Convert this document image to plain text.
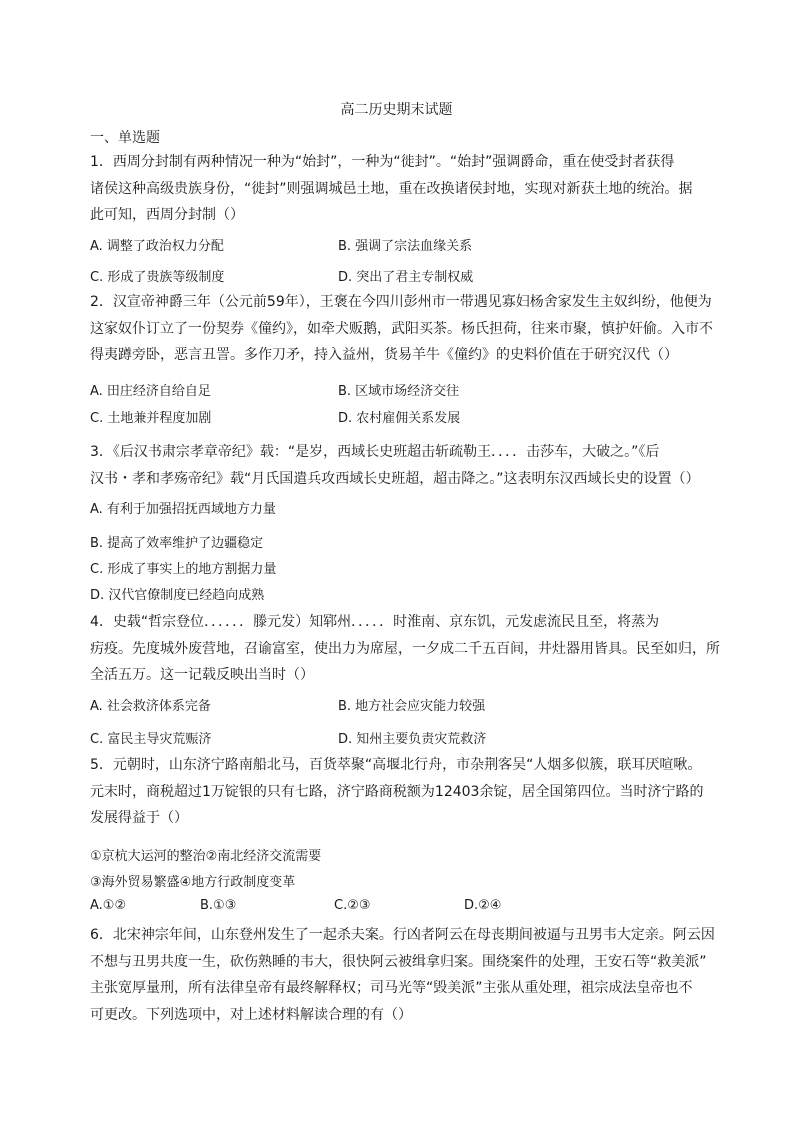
高二历史期末试题
一、单选题
1．西周分封制有两种情况一种为“始封”，一种为“徙封”。“始封”强调爵命，重在使受封者获得
诸侯这种高级贵族身份，“徙封”则强调城邑土地，重在改换诸侯封地，实现对新获土地的统治。据
此可知，西周分封制（）
A. 调整了政治权力分配	B. 强调了宗法血缘关系
C. 形成了贵族等级制度	D. 突出了君主专制权威
2．汉宣帝神爵三年（公元前59年），王褒在今四川彭州市一带遇见寡妇杨舍家发生主奴纠纷，他便为
这家奴仆订立了一份契券《僮约》，如牵犬贩鹅，武阳买茶。杨氏担荷，往来市聚，慎护奸偷。入市不
得夷蹲旁卧，恶言丑詈。多作刀矛，持入益州，货易羊牛《僮约》的史料价值在于研究汉代（）
A. 田庄经济自给自足	B. 区域市场经济交往
C. 土地兼并程度加剧	D. 农村雇佣关系发展
3．《后汉书肃宗孝章帝纪》载：“是岁，西域长史班超击斩疏勒王．．．．击莎车，大破之。”《后
汉书・孝和孝殇帝纪》载“月氏国遣兵攻西域长史班超，超击降之。”这表明东汉西域长史的设置（）
A. 有利于加强招抚西域地方力量
B. 提高了效率维护了边疆稳定
C. 形成了事实上的地方割据力量
D. 汉代官僚制度已经趋向成熟
4．史载“哲宗登位．．．．．．滕元发）知郓州．．．．．时淮南、京东饥，元发虑流民且至，将蒸为
疠疫。先度城外废营地，召谕富室，使出力为席屋，一夕成二千五百间，井灶器用皆具。民至如归，所
全活五万。这一记载反映出当时（）
A. 社会救济体系完备	B. 地方社会应灾能力较强
C. 富民主导灾荒赈济	D. 知州主要负责灾荒救济
5．元朝时，山东济宁路南船北马，百货萃聚“高堰北行舟，市杂荆客吴“人烟多似簇，联耳厌喧啾。
元末时，商税超过1万锭银的只有七路，济宁路商税额为12403余锭，居全国第四位。当时济宁路的
发展得益于（）
①京杭大运河的整治②南北经济交流需要
③海外贸易繁盛④地方行政制度变革
A.①②	B.①③	C.②③	D.②④
6．北宋神宗年间，山东登州发生了一起杀夫案。行凶者阿云在母丧期间被逼与丑男韦大定亲。阿云因
不想与丑男共度一生，砍伤熟睡的韦大，很快阿云被缉拿归案。围绕案件的处理，王安石等“救美派”
主张宽厚量刑，所有法律皇帝有最终解释权；司马光等“毁美派”主张从重处理，祖宗成法皇帝也不
可更改。下列选项中，对上述材料解读合理的有（）
